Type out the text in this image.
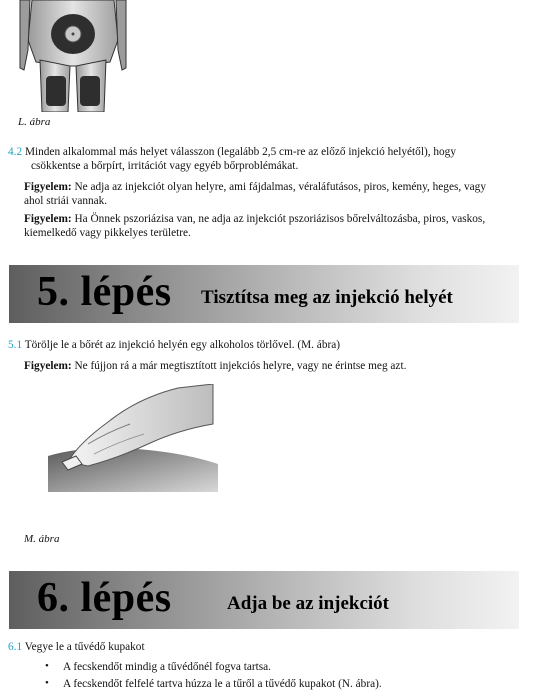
L. ábra
4.2 Minden alkalommal más helyet válasszon (legalább 2,5 cm-re az előző injekció helyétől), hogy
csökkentse a bőrpírt, irritációt vagy egyéb bőrproblémákat.
Figyelem: Ne adja az injekciót olyan helyre, ami fájdalmas, véraláfutásos, piros, kemény, heges, vagy
ahol striái vannak.
Figyelem: Ha Önnek pszoriázisa van, ne adja az injekciót pszoriázisos bőrelváltozásba, piros, vaskos,
kiemelkedő vagy pikkelyes területre.
5. lépés Tisztítsa meg az injekció helyét
5.1 Törölje le a bőrét az injekció helyén egy alkoholos törlővel. (M. ábra)
Figyelem: Ne fújjon rá a már megtisztított injekciós helyre, vagy ne érintse meg azt.
M. ábra
6. lépés	Adja be az injekciót
6.1 Vegye le a tűvédő kupakot
• A fecskendőt mindig a tűvédőnél fogva tartsa.
• A fecskendőt felfelé tartva húzza le a tűről a tűvédő kupakot (N. ábra).
